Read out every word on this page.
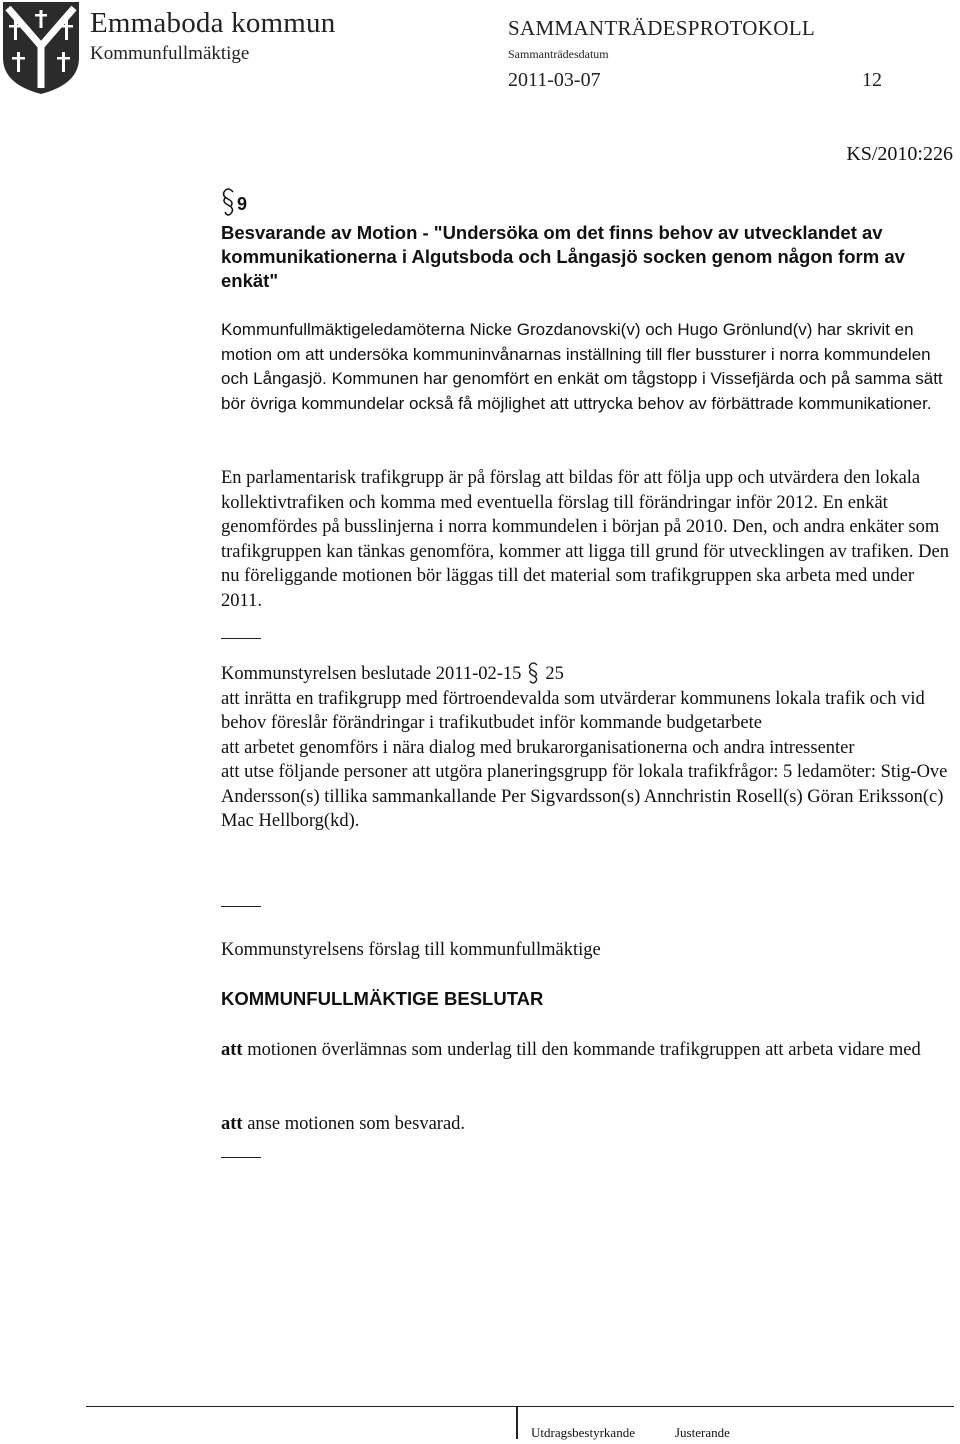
Emmaboda kommun
Kommunfullmäktige
SAMMANTRÄDESPROTOKOLL
Sammanträdesdatum
2011-03-07	12
KS/2010:226
9
Besvarande av Motion - "Undersöka om det finns behov av utvecklandet av kommunikationerna i Algutsboda och Långasjö socken genom någon form av enkät"
Kommunfullmäktigeledamöterna Nicke Grozdanovski(v) och Hugo Grönlund(v) har skrivit en motion om att undersöka kommuninvånarnas inställning till fler bussturer i norra kommundelen och Långasjö. Kommunen har genomfört en enkät om tågstopp i Vissefjärda och på samma sätt bör övriga kommundelar också få möjlighet att uttrycka behov av förbättrade kommunikationer.
En parlamentarisk trafikgrupp är på förslag att bildas för att följa upp och utvärdera den lokala kollektivtrafiken och komma med eventuella förslag till förändringar inför 2012. En enkät genomfördes på busslinjerna i norra kommundelen i början på 2010. Den, och andra enkäter som trafikgruppen kan tänkas genomföra, kommer att ligga till grund för utvecklingen av trafiken. Den nu föreliggande motionen bör läggas till det material som trafikgruppen ska arbeta med under 2011.
Kommunstyrelsen beslutade 2011-02-15 25
att inrätta en trafikgrupp med förtroendevalda som utvärderar kommunens lokala trafik och vid behov föreslår förändringar i trafikutbudet inför kommande budgetarbete
att arbetet genomförs i nära dialog med brukarorganisationerna och andra intressenter
att utse följande personer att utgöra planeringsgrupp för lokala trafikfrågor: 5 ledamöter: Stig-Ove Andersson(s) tillika sammankallande Per Sigvardsson(s) Annchristin Rosell(s) Göran Eriksson(c) Mac Hellborg(kd).
Kommunstyrelsens förslag till kommunfullmäktige
KOMMUNFULLMÄKTIGE BESLUTAR
att motionen överlämnas som underlag till den kommande trafikgruppen att arbeta vidare med
att anse motionen som besvarad.
Utdragsbestyrkande	Justerande
